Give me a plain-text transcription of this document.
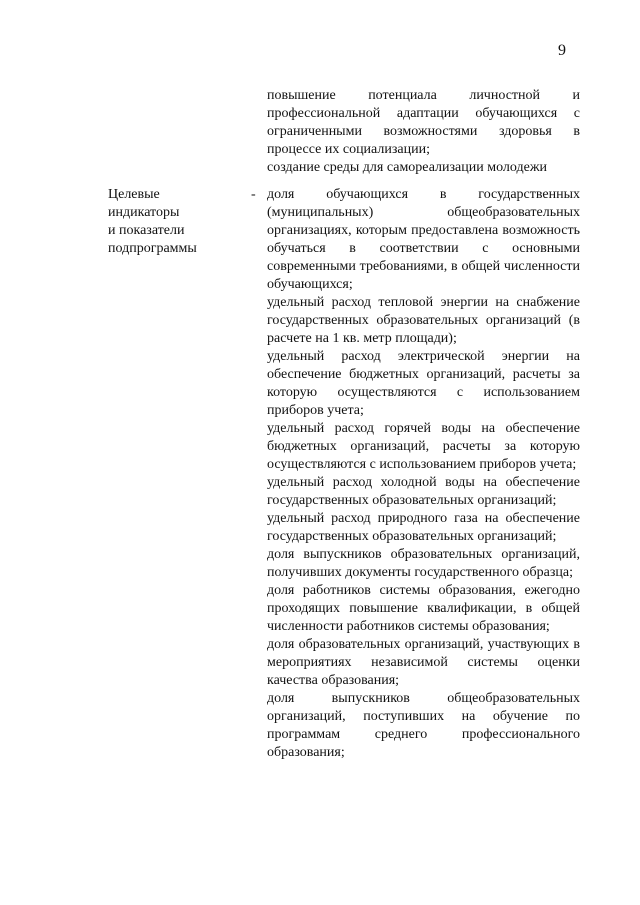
9

повышение потенциала личностной и профессиональной адаптации обучающихся с ограниченными возможностями здоровья в процессе их социализации;

создание среды для самореализации молодежи

Целевые
индикаторы
и показатели
подпрограммы
- доля обучающихся в государственных (муниципальных) общеобразовательных организациях, которым предоставлена возможность обучаться в соответствии с основными современными требованиями, в общей численности обучающихся;

удельный расход тепловой энергии на снабжение государственных образовательных организаций (в расчете на 1 кв. метр площади);

удельный расход электрической энергии на обеспечение бюджетных организаций, расчеты за которую осуществляются с использованием приборов учета;

удельный расход горячей воды на обеспечение бюджетных организаций, расчеты за которую осуществляются с использованием приборов учета;

удельный расход холодной воды на обеспечение государственных образовательных организаций;

удельный расход природного газа на обеспечение государственных образовательных организаций;

доля выпускников образовательных организаций, получивших документы государственного образца;

доля работников системы образования, ежегодно проходящих повышение квалификации, в общей численности работников системы образования;

доля образовательных организаций, участвующих в мероприятиях независимой системы оценки качества образования;

доля выпускников общеобразовательных организаций, поступивших на обучение по программам среднего профессионального образования;
